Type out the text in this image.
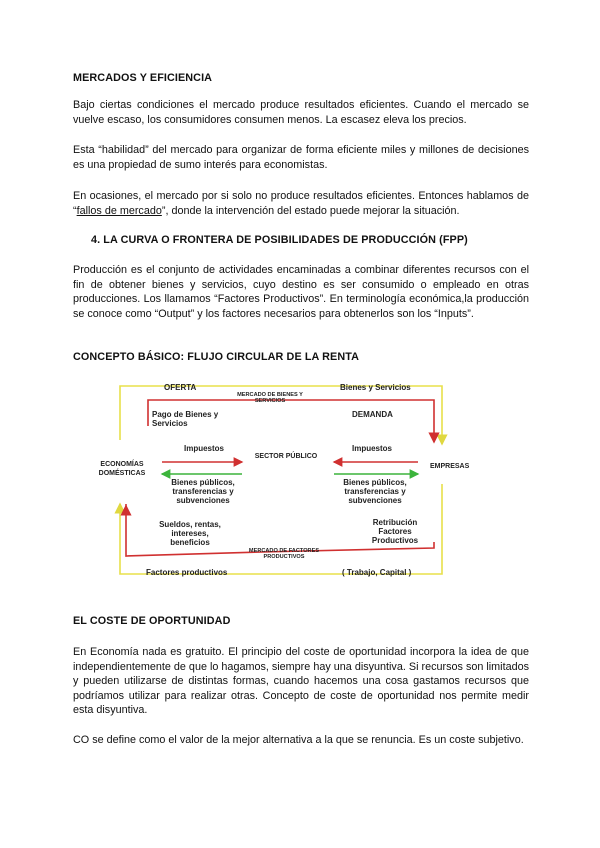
MERCADOS Y EFICIENCIA
Bajo ciertas condiciones el mercado produce resultados eficientes. Cuando el mercado se vuelve escaso, los consumidores consumen menos. La escasez eleva los precios.
Esta “habilidad” del mercado para organizar de forma eficiente miles y millones de decisiones es una propiedad de sumo interés para economistas.
En ocasiones, el mercado por si solo no produce resultados eficientes. Entonces hablamos de “fallos de mercado”, donde la intervención del estado puede mejorar la situación.
4. LA CURVA O FRONTERA DE POSIBILIDADES DE PRODUCCIÓN (FPP)
Producción es el conjunto de actividades encaminadas a combinar diferentes recursos con el fin de obtener bienes y servicios, cuyo destino es ser consumido o empleado en otras producciones. Los llamamos “Factores Productivos”. En terminología económica,la producción se conoce como “Output” y los factores necesarios para obtenerlos son los “Inputs”.
CONCEPTO BÁSICO: FLUJO CIRCULAR DE LA RENTA
OFERTA
MERCADO DE BIENES Y SERVICIOS
Bienes y Servicios
Pago de Bienes y Servicios
DEMANDA
Impuestos	Impuestos
ECONOMÍAS DOMÉSTICAS
SECTOR PÚBLICO
EMPRESAS
Bienes públicos, transferencias y subvenciones
Bienes públicos, transferencias y subvenciones
Sueldos, rentas, intereses, beneficios
Retribución Factores Productivos
MERCADO DE FACTORES PRODUCTIVOS
Factores productivos	( Trabajo, Capital )
EL COSTE DE OPORTUNIDAD
En Economía nada es gratuito. El principio del coste de oportunidad incorpora la idea de que independientemente de que lo hagamos, siempre hay una disyuntiva. Si recursos son limitados y pueden utilizarse de distintas formas, cuando hacemos una cosa gastamos recursos que podríamos utilizar para realizar otras. Concepto de coste de oportunidad nos permite medir esta disyuntiva.
CO se define como el valor de la mejor alternativa a la que se renuncia. Es un coste subjetivo.
